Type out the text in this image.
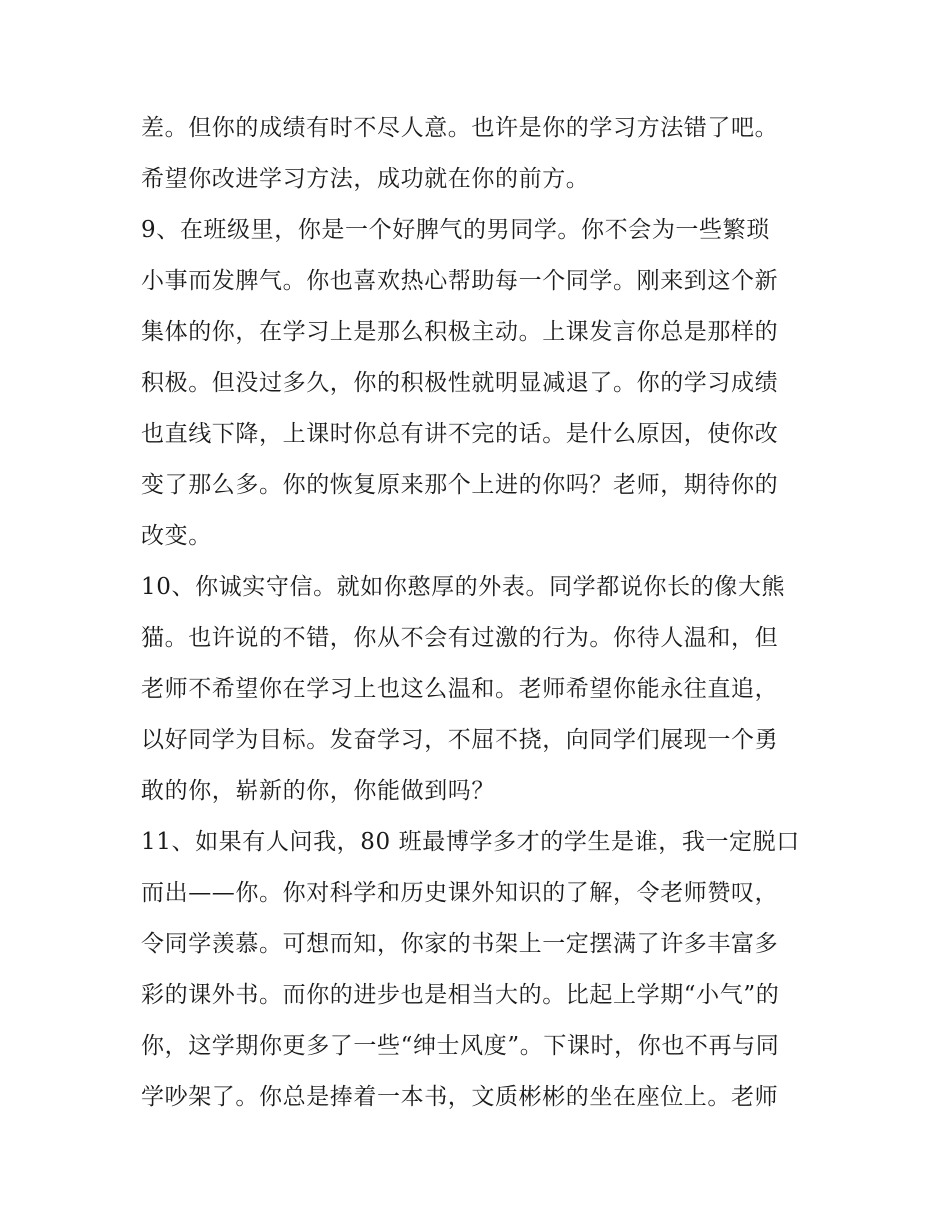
差。但你的成绩有时不尽人意。也许是你的学习方法错了吧。
希望你改进学习方法，成功就在你的前方。
9、在班级里，你是一个好脾气的男同学。你不会为一些繁琐
小事而发脾气。你也喜欢热心帮助每一个同学。刚来到这个新
集体的你，在学习上是那么积极主动。上课发言你总是那样的
积极。但没过多久，你的积极性就明显减退了。你的学习成绩
也直线下降，上课时你总有讲不完的话。是什么原因，使你改
变了那么多。你的恢复原来那个上进的你吗？老师，期待你的
改变。
10、你诚实守信。就如你憨厚的外表。同学都说你长的像大熊
猫。也许说的不错，你从不会有过激的行为。你待人温和，但
老师不希望你在学习上也这么温和。老师希望你能永往直追，
以好同学为目标。发奋学习，不屈不挠，向同学们展现一个勇
敢的你，崭新的你，你能做到吗？
11、如果有人问我，80 班最博学多才的学生是谁，我一定脱口
而出——你。你对科学和历史课外知识的了解，令老师赞叹，
令同学羡慕。可想而知，你家的书架上一定摆满了许多丰富多
彩的课外书。而你的进步也是相当大的。比起上学期“小气”的
你，这学期你更多了一些“绅士风度”。下课时，你也不再与同
学吵架了。你总是捧着一本书，文质彬彬的坐在座位上。老师
